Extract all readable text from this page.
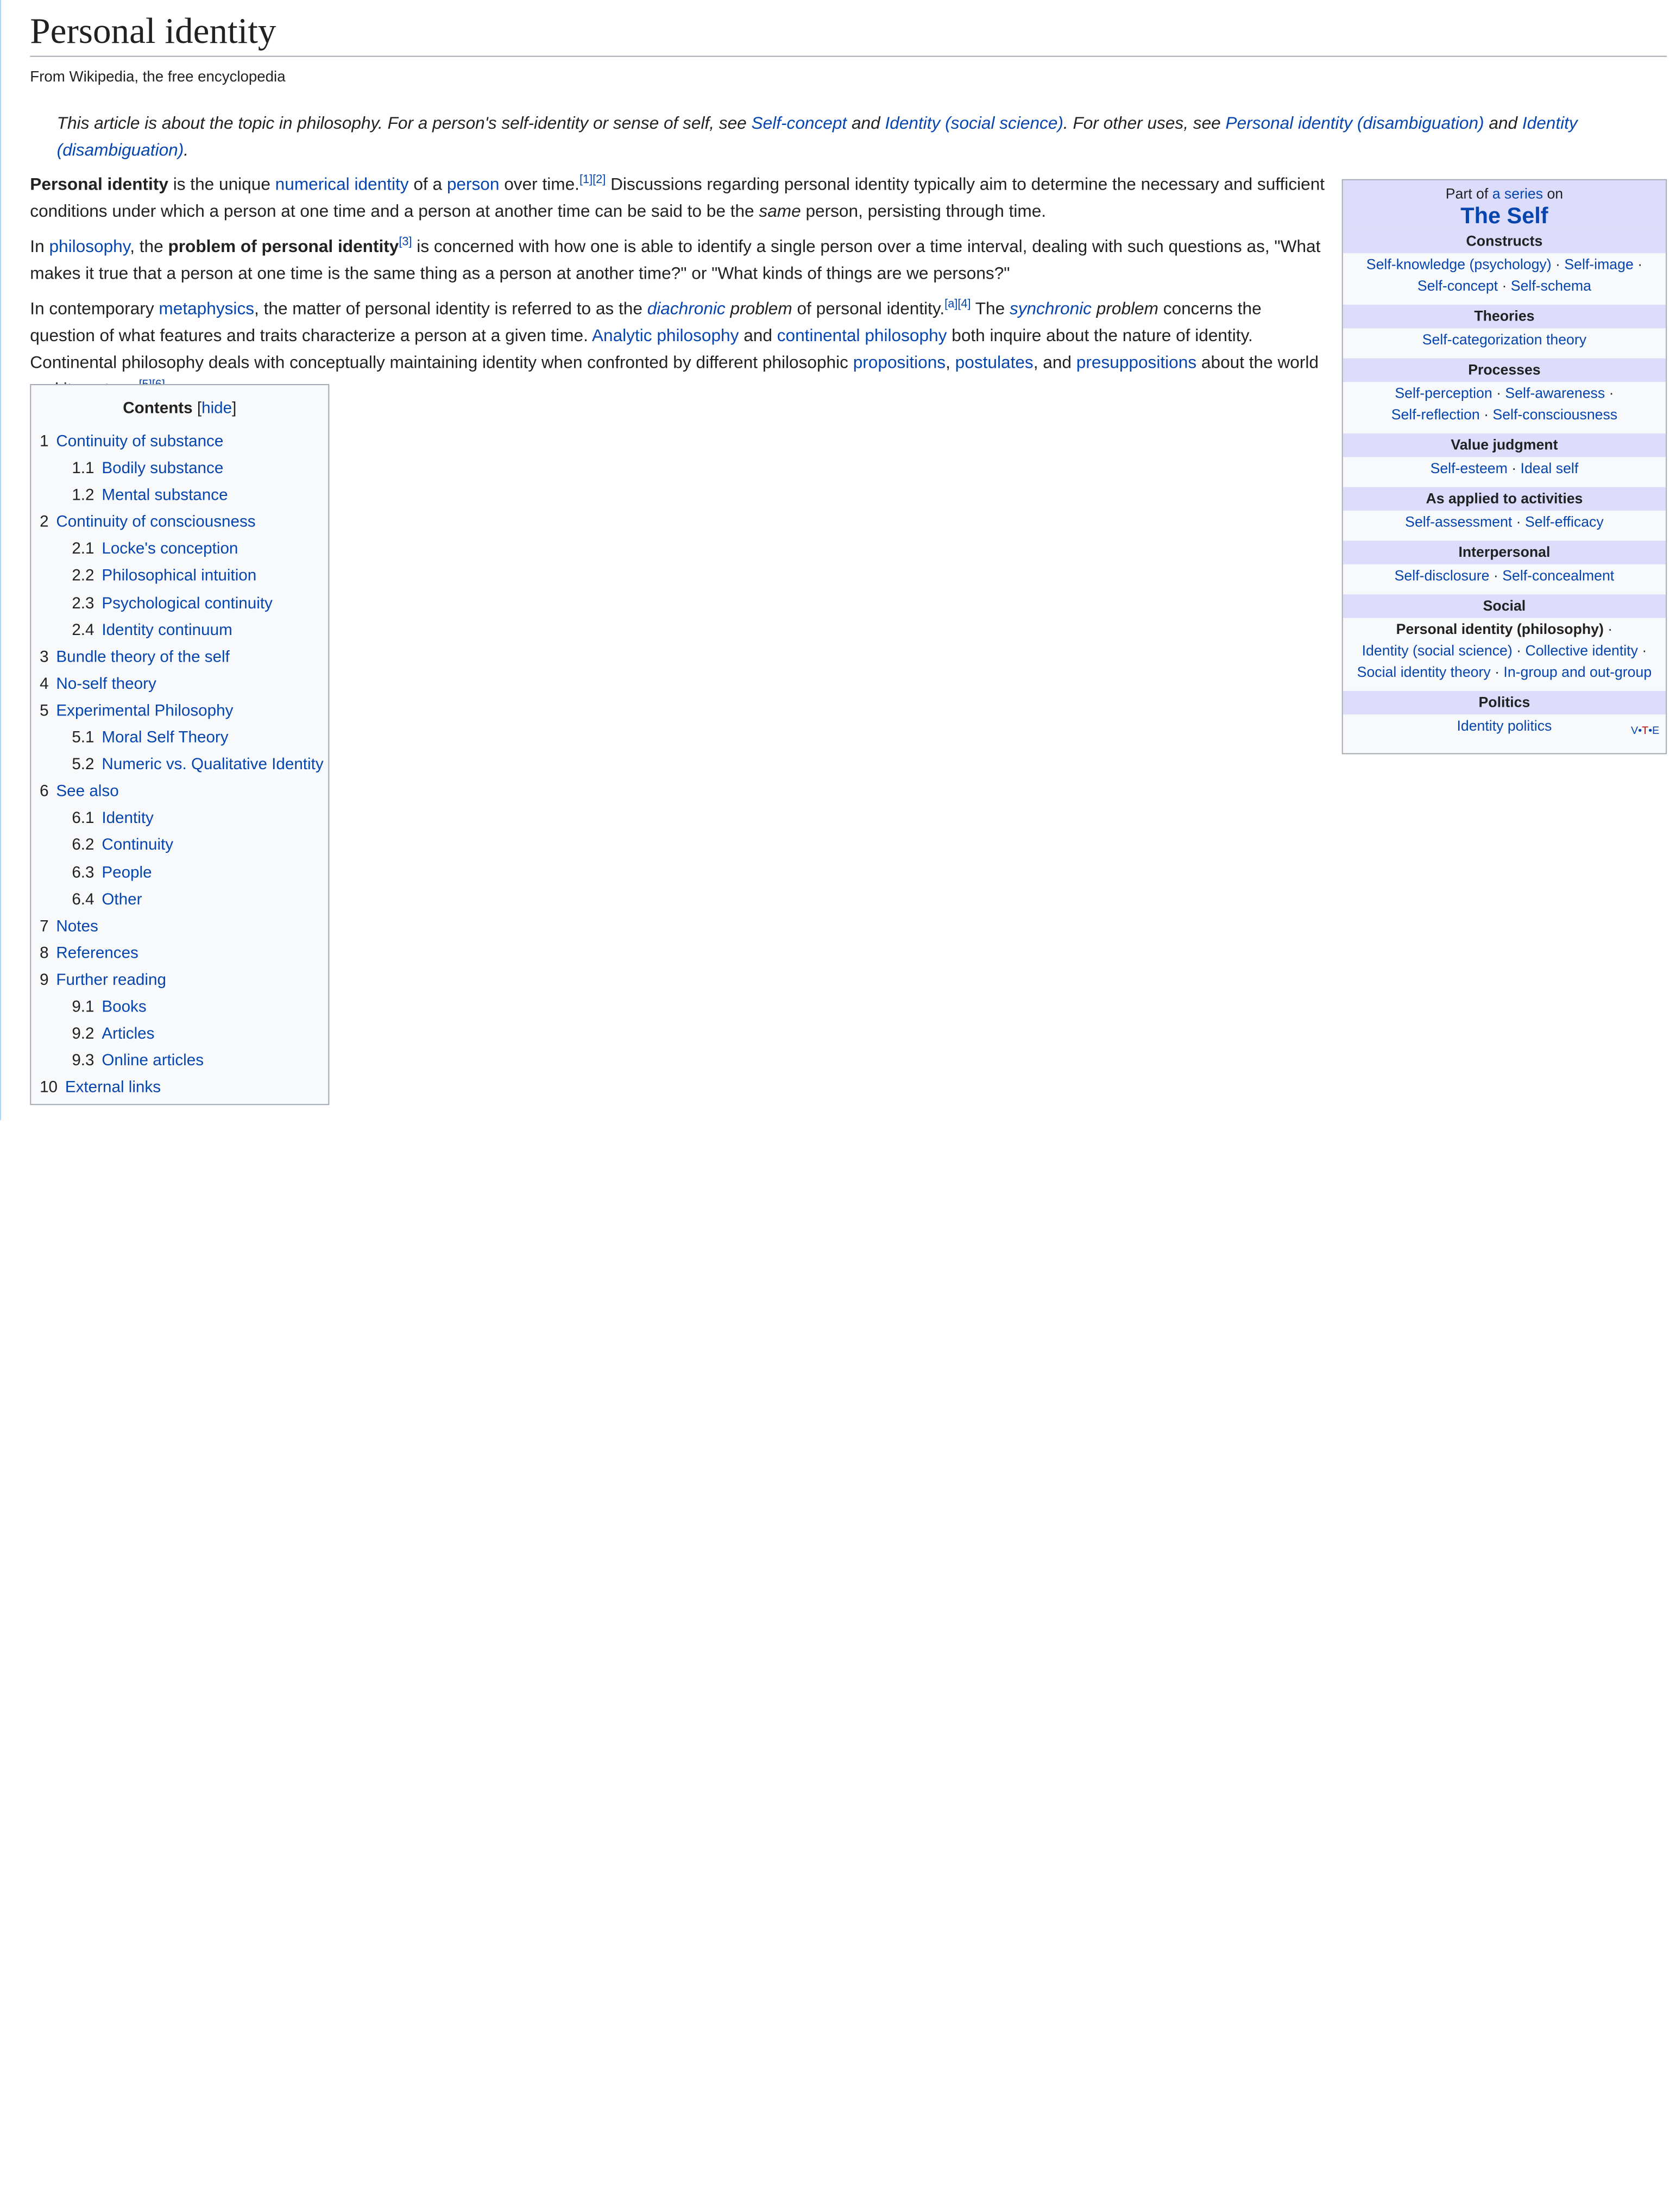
Personal identity
From Wikipedia, the free encyclopedia
This article is about the topic in philosophy. For a person's self-identity or sense of self, see Self-concept and Identity (social science). For other uses, see Personal identity (disambiguation) and Identity (disambiguation).

Personal identity is the unique numerical identity of a person over time.[1][2] Discussions regarding personal identity typically aim to determine the necessary and sufficient conditions under which a person at one time and a person at another time can be said to be the same person, persisting through time.

In philosophy, the problem of personal identity[3] is concerned with how one is able to identify a single person over a time interval, dealing with such questions as, "What makes it true that a person at one time is the same thing as a person at another time?" or "What kinds of things are we persons?"

In contemporary metaphysics, the matter of personal identity is referred to as the diachronic problem of personal identity.[a][4] The synchronic problem concerns the question of what features and traits characterize a person at a given time. Analytic philosophy and continental philosophy both inquire about the nature of identity. Continental philosophy deals with conceptually maintaining identity when confronted by different philosophic propositions, postulates, and presuppositions about the world

Contents [hide]
1 Continuity of substance
1.1 Bodily substance
1.2 Mental substance
2 Continuity of consciousness
2.1 Locke's conception
2.2 Philosophical intuition
2.3 Psychological continuity
2.4 Identity continuum
3 Bundle theory of the self
4 No-self theory
5 Experimental Philosophy
5.1 Moral Self Theory
5.2 Numeric vs. Qualitative Identity
6 See also
6.1 Identity
6.2 Continuity
6.3 People
6.4 Other
7 Notes
8 References
9 Further reading
9.1 Books
9.2 Articles
9.3 Online articles
10 External links
Part of a series on
The Self
Constructs
Self-knowledge (psychology) · Self-image ·
Self-concept · Self-schema
Theories
Self-categorization theory
Processes
Self-perception · Self-awareness ·
Self-reflection · Self-consciousness
Value judgment
Self-esteem · Ideal self
As applied to activities
Self-assessment · Self-efficacy
Interpersonal
Self-disclosure · Self-concealment
Social
Personal identity (philosophy) ·
Identity (social science) · Collective identity ·
Social identity theory · In-group and out-group
Politics
Identity politics	V•T•E
